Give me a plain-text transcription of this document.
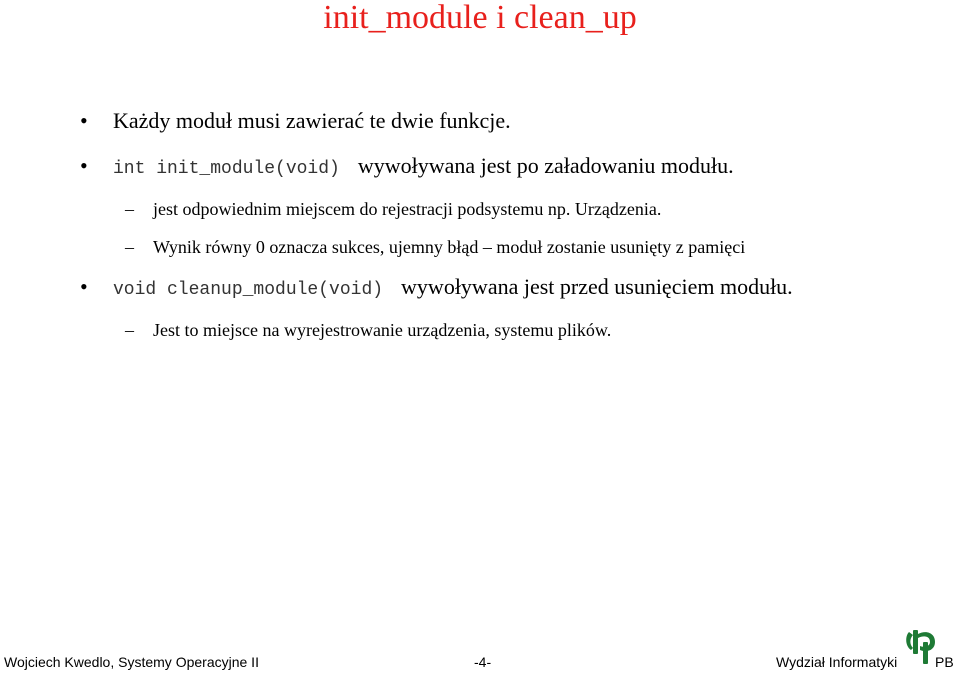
init_module i clean_up
• Każdy moduł musi zawierać te dwie funkcje.
• int init_module(void) wywoływana jest po załadowaniu modułu.
– jest odpowiednim miejscem do rejestracji podsystemu np. Urządzenia.
– Wynik równy 0 oznacza sukces, ujemny błąd – moduł zostanie usunięty z pamięci
• void cleanup_module(void) wywoływana jest przed usunięciem modułu.
– Jest to miejsce na wyrejestrowanie urządzenia, systemu plików.
Wojciech Kwedlo, Systemy Operacyjne II	-4-	Wydział Informatyki	PB
